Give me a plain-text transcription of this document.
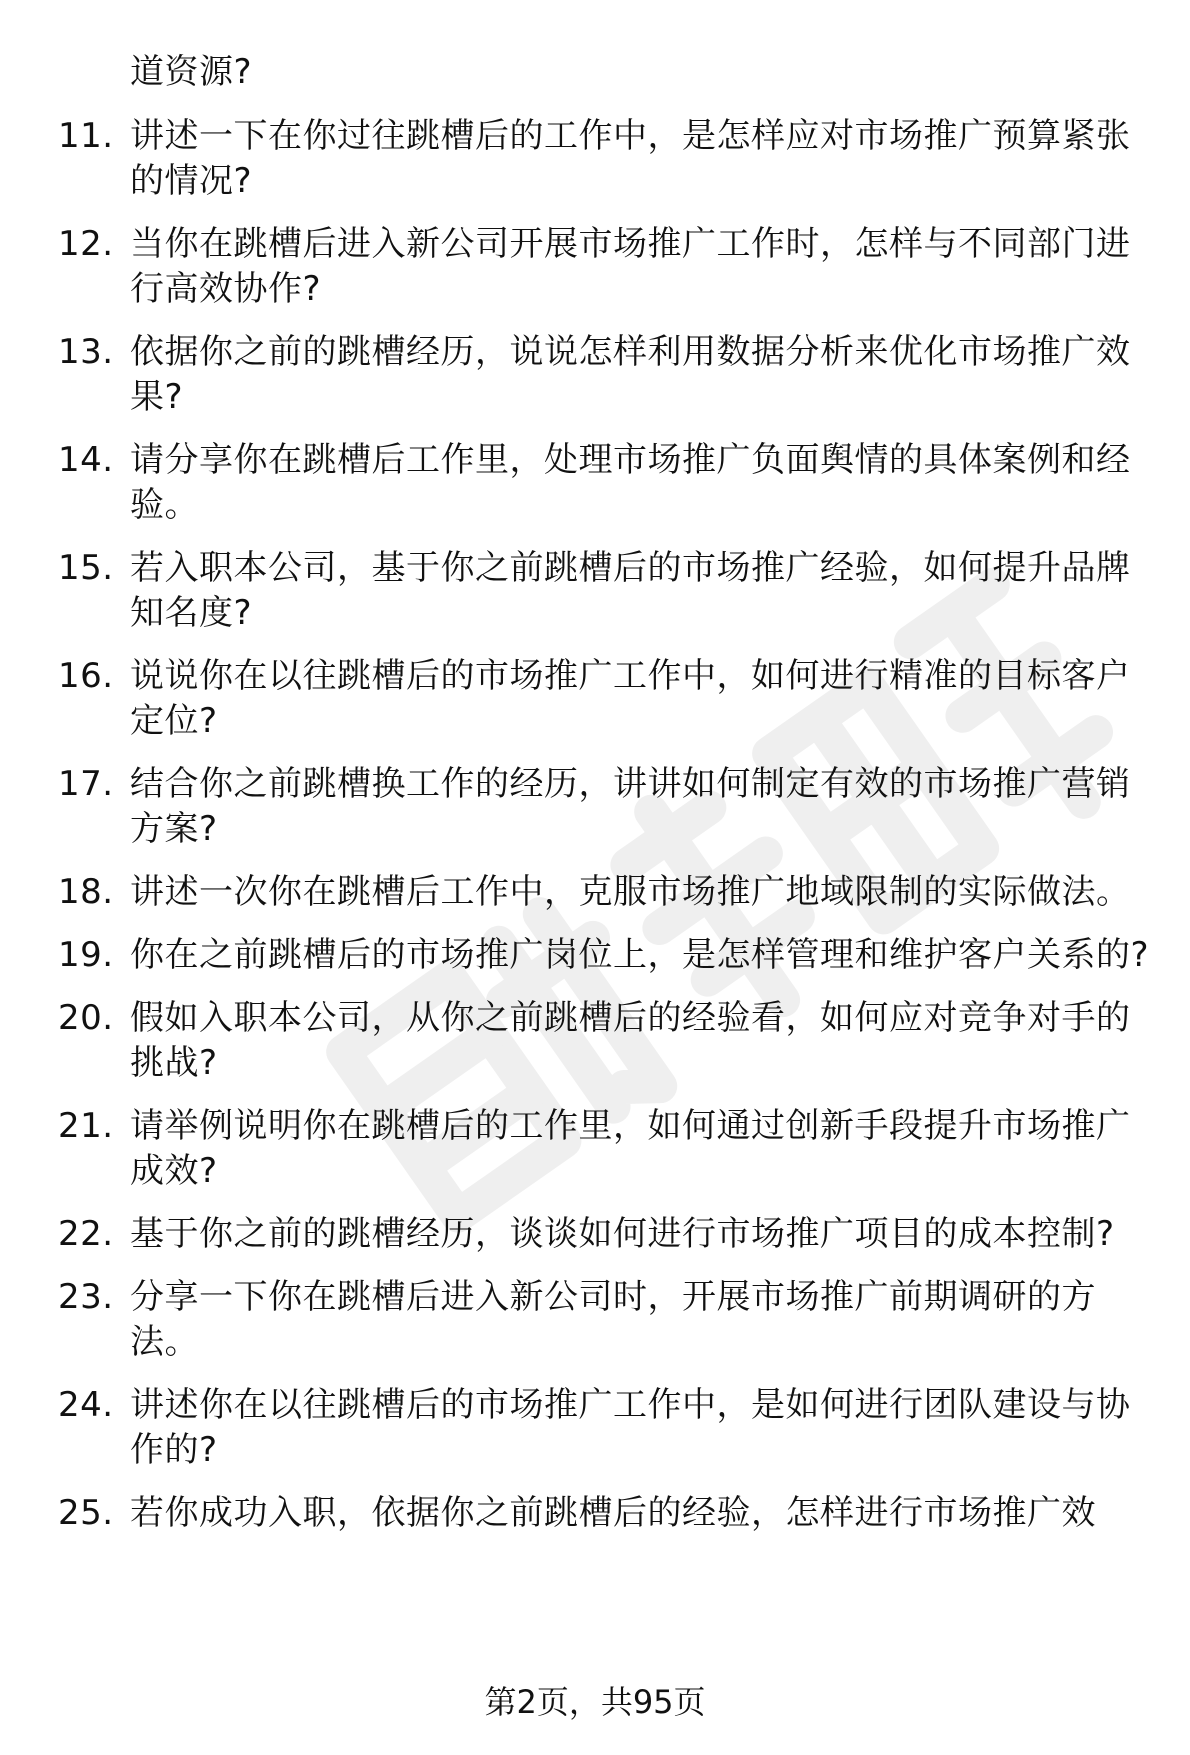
道资源?
11. 讲述一下在你过往跳槽后的工作中，是怎样应对市场推广预算紧张的情况?
12. 当你在跳槽后进入新公司开展市场推广工作时，怎样与不同部门进行高效协作?
13. 依据你之前的跳槽经历，说说怎样利用数据分析来优化市场推广效果?
14. 请分享你在跳槽后工作里，处理市场推广负面舆情的具体案例和经验。
15. 若入职本公司，基于你之前跳槽后的市场推广经验，如何提升品牌知名度?
16. 说说你在以往跳槽后的市场推广工作中，如何进行精准的目标客户定位?
17. 结合你之前跳槽换工作的经历，讲讲如何制定有效的市场推广营销方案?
18. 讲述一次你在跳槽后工作中，克服市场推广地域限制的实际做法。
19. 你在之前跳槽后的市场推广岗位上，是怎样管理和维护客户关系的?
20. 假如入职本公司，从你之前跳槽后的经验看，如何应对竞争对手的挑战?
21. 请举例说明你在跳槽后的工作里，如何通过创新手段提升市场推广成效?
22. 基于你之前的跳槽经历，谈谈如何进行市场推广项目的成本控制?
23. 分享一下你在跳槽后进入新公司时，开展市场推广前期调研的方法。
24. 讲述你在以往跳槽后的市场推广工作中，是如何进行团队建设与协作的?
25. 若你成功入职，依据你之前跳槽后的经验，怎样进行市场推广效
第2页，共95页
